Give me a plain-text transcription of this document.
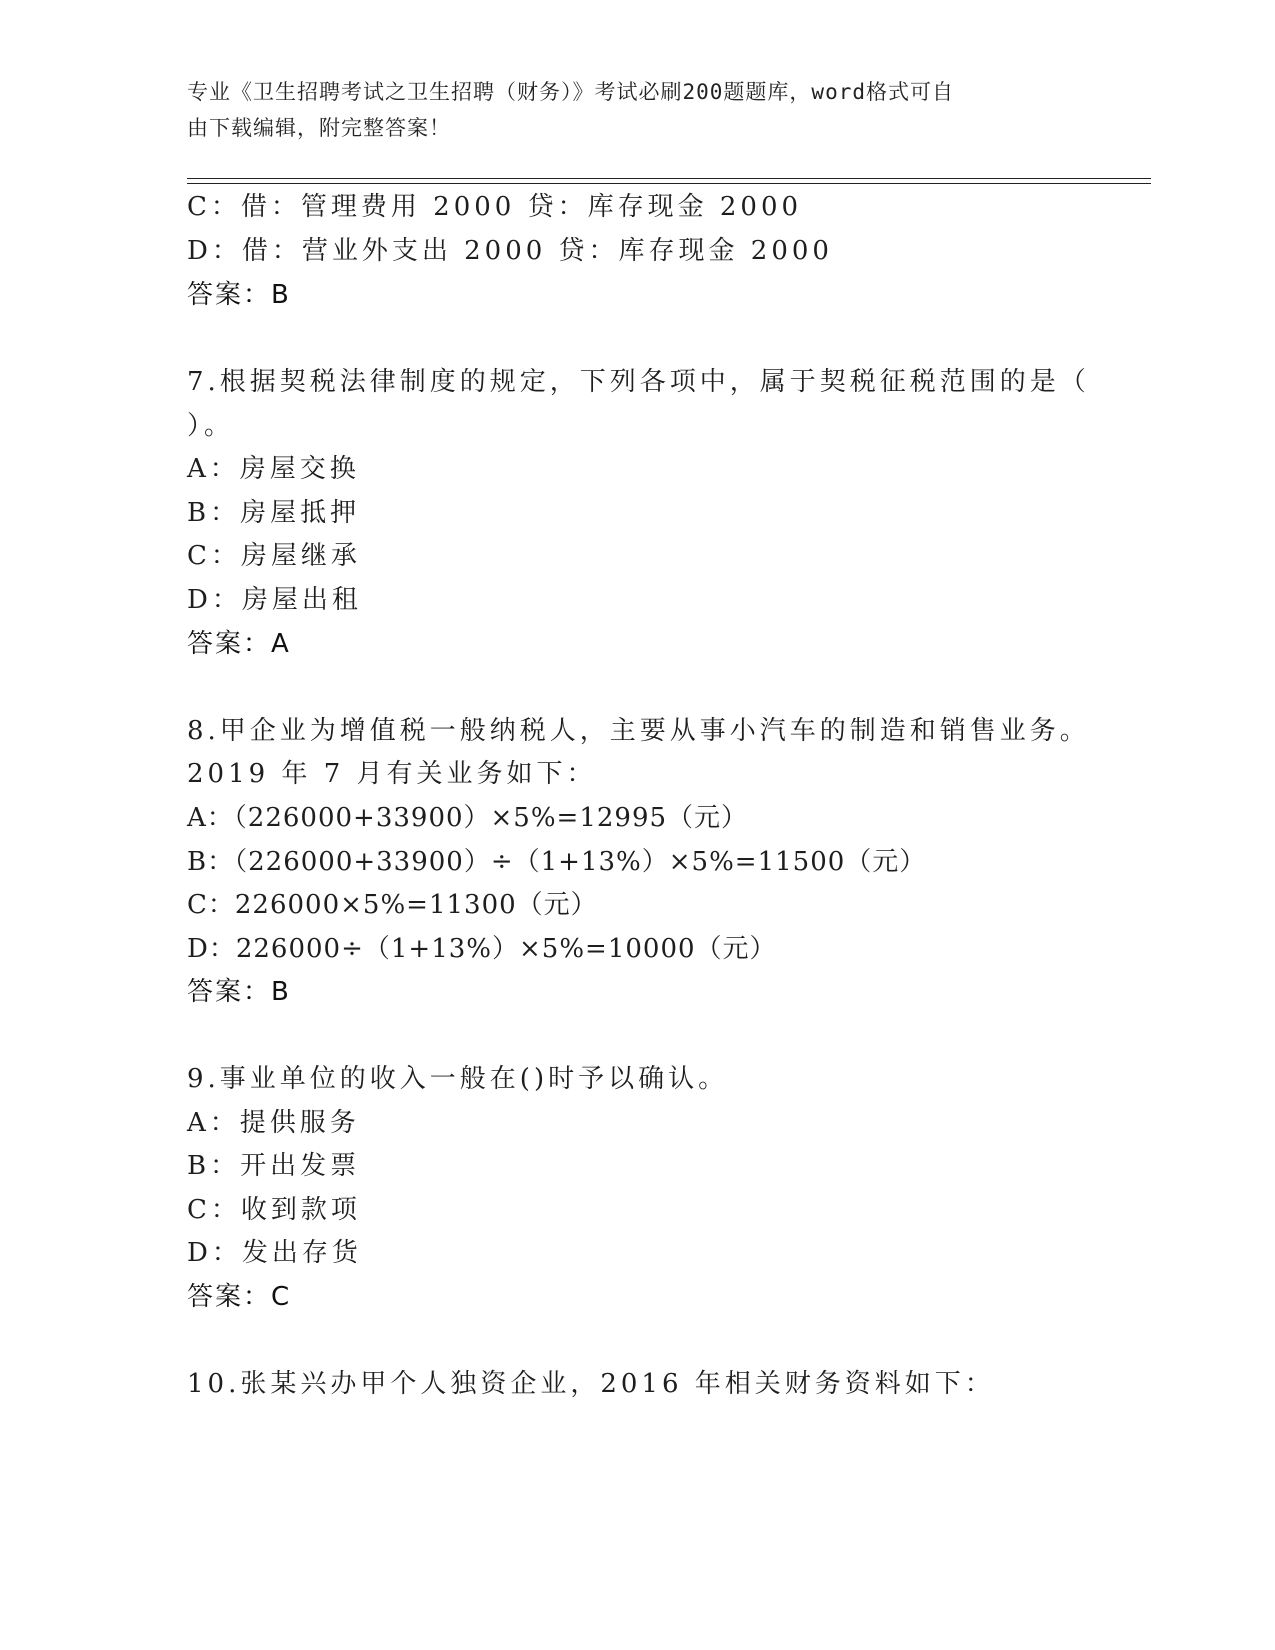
专业《卫生招聘考试之卫生招聘（财务）》考试必刷200题题库，word格式可自
由下载编辑，附完整答案！
C：借：管理费用 2000 贷：库存现金 2000
D：借：营业外支出 2000 贷：库存现金 2000
答案：B
7.根据契税法律制度的规定，下列各项中，属于契税征税范围的是（
）。
A：房屋交换
B：房屋抵押
C：房屋继承
D：房屋出租
答案：A
8.甲企业为增值税一般纳税人，主要从事小汽车的制造和销售业务。
2019 年 7 月有关业务如下：
A：（226000+33900）×5%=12995（元）
B：（226000+33900）÷（1+13%）×5%=11500（元）
C：226000×5%=11300（元）
D：226000÷（1+13%）×5%=10000（元）
答案：B
9.事业单位的收入一般在()时予以确认。
A：提供服务
B：开出发票
C：收到款项
D：发出存货
答案：C
10.张某兴办甲个人独资企业，2016 年相关财务资料如下：
